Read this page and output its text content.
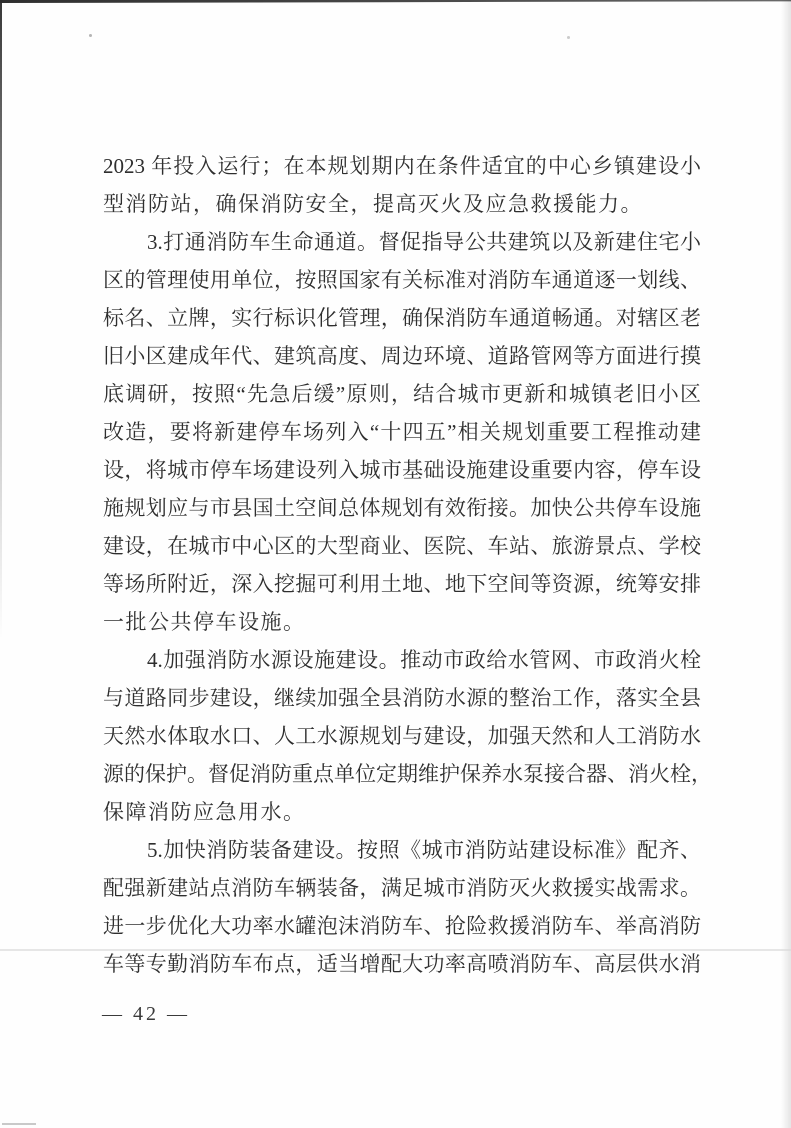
2023 年投入运行；在本规划期内在条件适宜的中心乡镇建设小
型消防站，确保消防安全，提高灭火及应急救援能力。
3.打通消防车生命通道。督促指导公共建筑以及新建住宅小
区的管理使用单位，按照国家有关标准对消防车通道逐一划线、
标名、立牌，实行标识化管理，确保消防车通道畅通。对辖区老
旧小区建成年代、建筑高度、周边环境、道路管网等方面进行摸
底调研，按照“先急后缓”原则，结合城市更新和城镇老旧小区
改造，要将新建停车场列入“十四五”相关规划重要工程推动建
设，将城市停车场建设列入城市基础设施建设重要内容，停车设
施规划应与市县国土空间总体规划有效衔接。加快公共停车设施
建设，在城市中心区的大型商业、医院、车站、旅游景点、学校
等场所附近，深入挖掘可利用土地、地下空间等资源，统筹安排
一批公共停车设施。
4.加强消防水源设施建设。推动市政给水管网、市政消火栓
与道路同步建设，继续加强全县消防水源的整治工作，落实全县
天然水体取水口、人工水源规划与建设，加强天然和人工消防水
源的保护。督促消防重点单位定期维护保养水泵接合器、消火栓，
保障消防应急用水。
5.加快消防装备建设。按照《城市消防站建设标准》配齐、
配强新建站点消防车辆装备，满足城市消防灭火救援实战需求。
进一步优化大功率水罐泡沫消防车、抢险救援消防车、举高消防
车等专勤消防车布点，适当增配大功率高喷消防车、高层供水消
— 42 —
